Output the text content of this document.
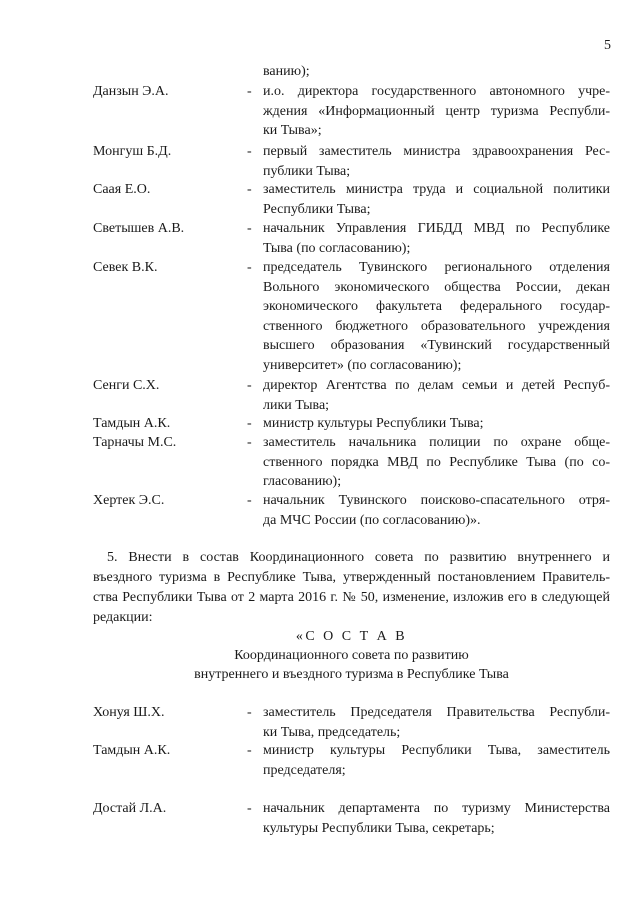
5
ванию);
Данзын Э.А.	- и.о. директора государственного автономного учре-
ждения «Информационный центр туризма Республи-
ки Тыва»;
Монгуш Б.Д.	- первый заместитель министра здравоохранения Рес-
публики Тыва;
Саая Е.О.	- заместитель министра труда и социальной политики
Республики Тыва;
Светышев А.В.	- начальник Управления ГИБДД МВД по Республике
Тыва (по согласованию);
Севек В.К.	- председатель Тувинского регионального отделения
Вольного экономического общества России, декан
экономического факультета федерального государ-
ственного бюджетного образовательного учреждения
высшего образования «Тувинский государственный
университет» (по согласованию);
Сенги С.Х.	- директор Агентства по делам семьи и детей Респуб-
лики Тыва;
Тамдын А.К.	- министр культуры Республики Тыва;
Тарначы М.С.	- заместитель начальника полиции по охране обще-
ственного порядка МВД по Республике Тыва (по со-
гласованию);
Хертек Э.С.	- начальник Тувинского поисково-спасательного отря-
да МЧС России (по согласованию)».
5. Внести в состав Координационного совета по развитию внутреннего и
въездного туризма в Республике Тыва, утвержденный постановлением Правитель-
ства Республики Тыва от 2 марта 2016 г. № 50, изменение, изложив его в следующей
редакции:
«С О С Т А В
Координационного совета по развитию
внутреннего и въездного туризма в Республике Тыва
Хонуя Ш.Х.	- заместитель Председателя Правительства Республи-
ки Тыва, председатель;
Тамдын А.К.	- министр культуры Республики Тыва, заместитель
председателя;
Достай Л.А.	- начальник департамента по туризму Министерства
культуры Республики Тыва, секретарь;
